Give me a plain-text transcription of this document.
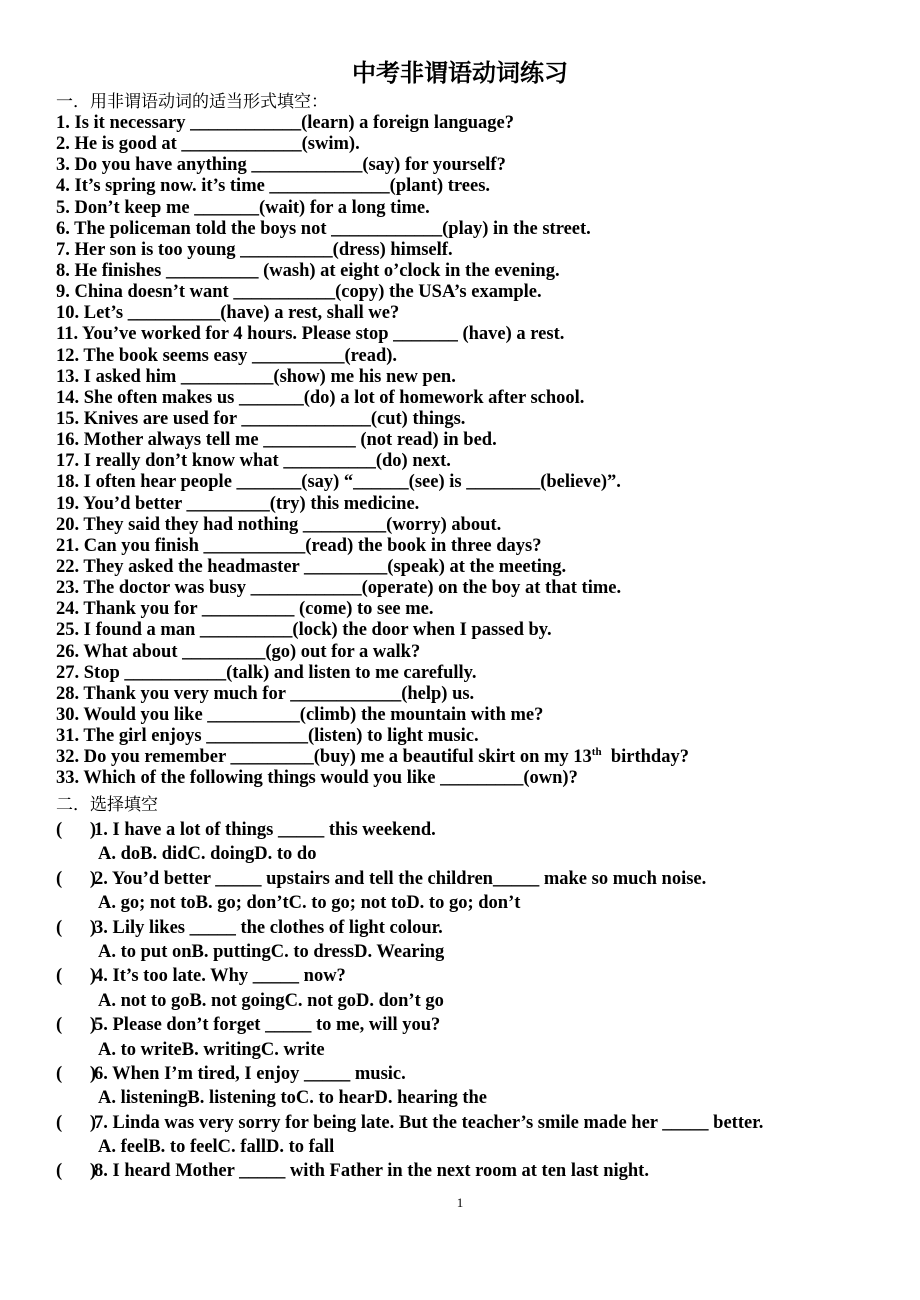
中考非谓语动词练习
一．用非谓语动词的适当形式填空：
1. Is it necessary ____________(learn) a foreign language?
2. He is good at _____________(swim).
3. Do you have anything ____________(say) for yourself?
4. It’s spring now. it’s time _____________(plant) trees.
5. Don’t keep me _______(wait) for a long time.
6. The policeman told the boys not ____________(play) in the street.
7. Her son is too young __________(dress) himself.
8. He finishes __________ (wash) at eight o’clock in the evening.
9. China doesn’t want ___________(copy) the USA’s example.
10. Let’s __________(have) a rest, shall we?
11. You’ve worked for 4 hours. Please stop _______ (have) a rest.
12. The book seems easy __________(read).
13. I asked him __________(show) me his new pen.
14. She often makes us _______(do) a lot of homework after school.
15. Knives are used for ______________(cut) things.
16. Mother always tell me __________ (not read) in bed.
17. I really don’t know what __________(do) next.
18. I often hear people _______(say) “______(see) is ________(believe)”.
19. You’d better _________(try) this medicine.
20. They said they had nothing _________(worry) about.
21. Can you finish ___________(read) the book in three days?
22. They asked the headmaster _________(speak) at the meeting.
23. The doctor was busy ____________(operate) on the boy at that time.
24. Thank you for __________ (come) to see me.
25. I found a man __________(lock) the door when I passed by.
26. What about _________(go) out for a walk?
27. Stop ___________(talk) and listen to me carefully.
28. Thank you very much for ____________(help) us.
30. Would you like __________(climb) the mountain with me?
31. The girl enjoys ___________(listen) to light music.
32. Do you remember _________(buy) me a beautiful skirt on my 13th  birthday?
33. Which of the following things would you like _________(own)?
二．选择填空
(      )
1. I have a lot of things _____ this weekend.
A. doB. didC. doingD. to do
(      )
2. You’d better _____ upstairs and tell the children_____ make so much noise.
A. go; not toB. go; don’tC. to go; not toD. to go; don’t
(      )
3. Lily likes _____ the clothes of light colour.
A. to put onB. puttingC. to dressD. Wearing
(      )
4. It’s too late. Why _____ now?
A. not to goB. not goingC. not goD. don’t go
(      )
5. Please don’t forget _____ to me, will you?
A. to writeB. writingC. write
(      )
6. When I’m tired, I enjoy _____ music.
A. listeningB. listening toC. to hearD. hearing the
(      )
7. Linda was very sorry for being late. But the teacher’s smile made her _____ better.
A. feelB. to feelC. fallD. to fall
(      )
8. I heard Mother _____ with Father in the next room at ten last night.
1
